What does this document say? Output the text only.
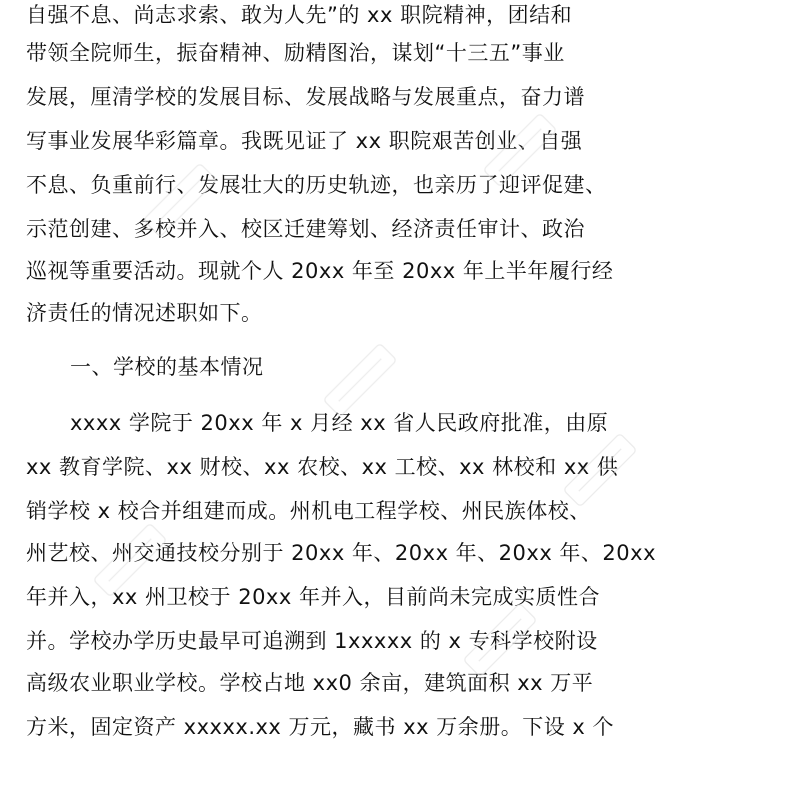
自强不息、尚志求索、敢为人先”的 xx 职院精神，团结和

带领全院师生，振奋精神、励精图治，谋划“十三五”事业

发展，厘清学校的发展目标、发展战略与发展重点，奋力谱

写事业发展华彩篇章。我既见证了 xx 职院艰苦创业、自强

不息、负重前行、发展壮大的历史轨迹，也亲历了迎评促建、

示范创建、多校并入、校区迁建筹划、经济责任审计、政治

巡视等重要活动。现就个人 20xx 年至 20xx 年上半年履行经

济责任的情况述职如下。

一、学校的基本情况

xxxx 学院于 20xx 年 x 月经 xx 省人民政府批准，由原

xx 教育学院、xx 财校、xx 农校、xx 工校、xx 林校和 xx 供

销学校 x 校合并组建而成。州机电工程学校、州民族体校、

州艺校、州交通技校分别于 20xx 年、20xx 年、20xx 年、20xx

年并入，xx 州卫校于 20xx 年并入，目前尚未完成实质性合

并。学校办学历史最早可追溯到 1xxxxx 的 x 专科学校附设

高级农业职业学校。学校占地 xx0 余亩，建筑面积 xx 万平

方米，固定资产 xxxxx.xx 万元，藏书 xx 万余册。下设 x 个
